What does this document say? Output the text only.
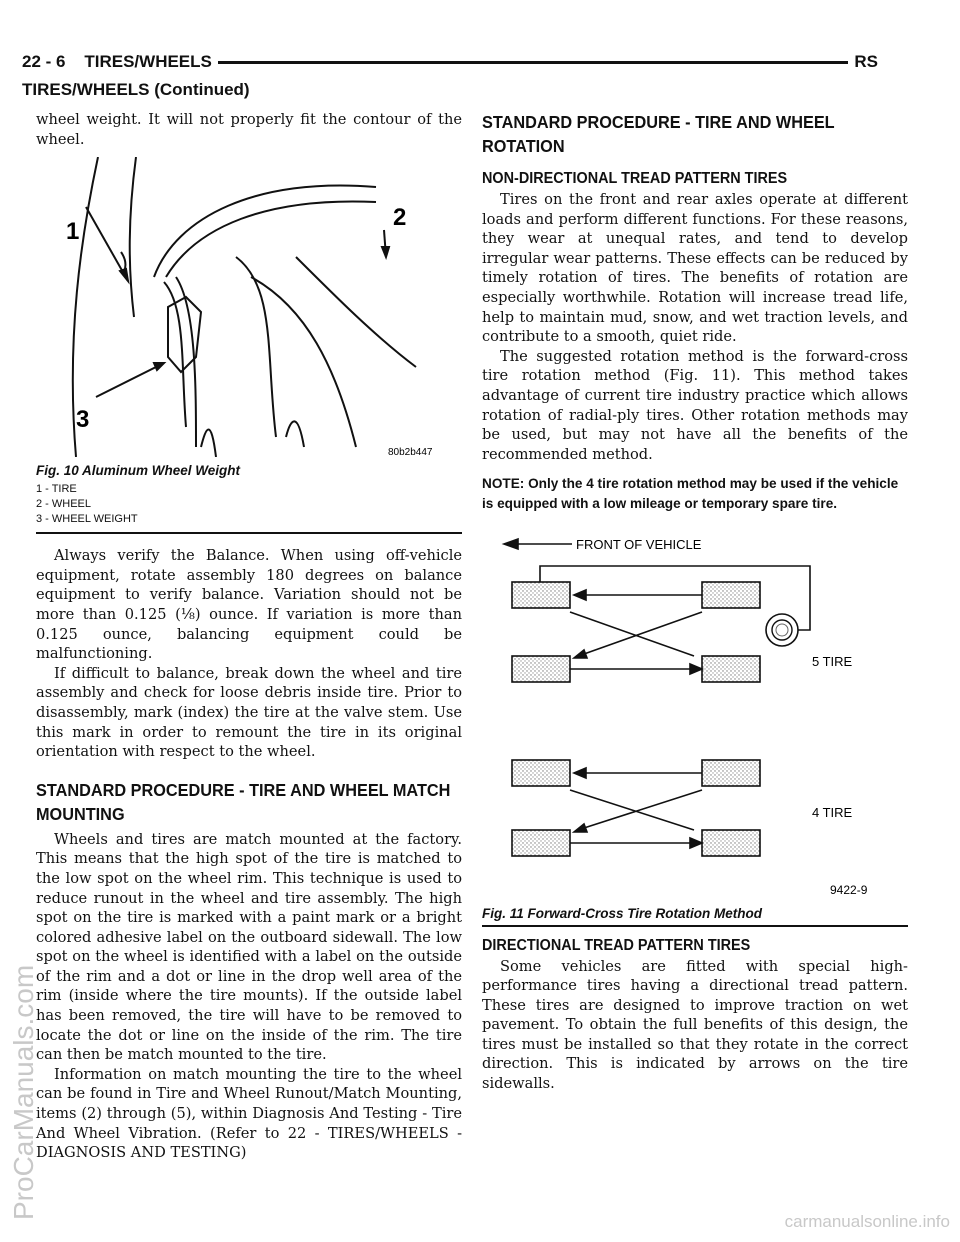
22 - 6    TIRES/WHEELS	RS
TIRES/WHEELS (Continued)

wheel weight. It will not properly fit the contour of the wheel.

1
2
3
80b2b447
Fig. 10 Aluminum Wheel Weight
1 - TIRE
2 - WHEEL
3 - WHEEL WEIGHT

Always verify the Balance. When using off-vehicle equipment, rotate assembly 180 degrees on balance equipment to verify balance. Variation should not be more than 0.125 (⅛) ounce. If variation is more than 0.125 ounce, balancing equipment could be malfunctioning.

If difficult to balance, break down the wheel and tire assembly and check for loose debris inside tire. Prior to disassembly, mark (index) the tire at the valve stem. Use this mark in order to remount the tire in its original orientation with respect to the wheel.

STANDARD PROCEDURE - TIRE AND WHEEL MATCH MOUNTING

Wheels and tires are match mounted at the factory. This means that the high spot of the tire is matched to the low spot on the wheel rim. This technique is used to reduce runout in the wheel and tire assembly. The high spot on the tire is marked with a paint mark or a bright colored adhesive label on the outboard sidewall. The low spot on the wheel is identified with a label on the outside of the rim and a dot or line in the drop well area of the rim (inside where the tire mounts). If the outside label has been removed, the tire will have to be removed to locate the dot or line on the inside of the rim. The tire can then be match mounted to the tire.

Information on match mounting the tire to the wheel can be found in Tire and Wheel Runout/Match Mounting, items (2) through (5), within Diagnosis And Testing - Tire And Wheel Vibration. (Refer to 22 - TIRES/WHEELS - DIAGNOSIS AND TESTING)

STANDARD PROCEDURE - TIRE AND WHEEL ROTATION
NON-DIRECTIONAL TREAD PATTERN TIRES

Tires on the front and rear axles operate at different loads and perform different functions. For these reasons, they wear at unequal rates, and tend to develop irregular wear patterns. These effects can be reduced by timely rotation of tires. The benefits of rotation are especially worthwhile. Rotation will increase tread life, help to maintain mud, snow, and wet traction levels, and contribute to a smooth, quiet ride.

The suggested rotation method is the forward-cross tire rotation method (Fig. 11). This method takes advantage of current tire industry practice which allows rotation of radial-ply tires. Other rotation methods may be used, but may not have all the benefits of the recommended method.

NOTE: Only the 4 tire rotation method may be used if the vehicle is equipped with a low mileage or temporary spare tire.

FRONT OF VEHICLE
5 TIRE
4 TIRE
9422-9
Fig. 11 Forward-Cross Tire Rotation Method
DIRECTIONAL TREAD PATTERN TIRES

Some vehicles are fitted with special high-performance tires having a directional tread pattern. These tires are designed to improve traction on wet pavement. To obtain the full benefits of this design, the tires must be installed so that they rotate in the correct direction. This is indicated by arrows on the tire sidewalls.

ProCarManuals.com
carmanualsonline.info
